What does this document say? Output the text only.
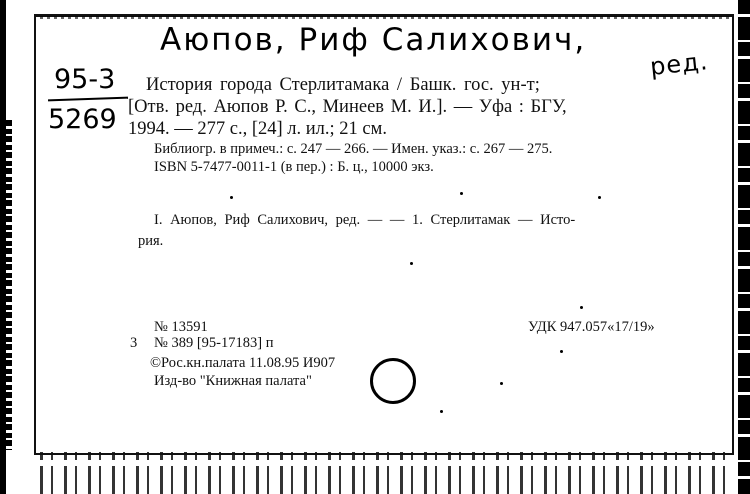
Аюпов, Риф Салихович,
ред.
95-3
5269
История города Стерлитамака / Башк. гос. ун-т;
[Отв. ред. Аюпов Р. С., Минеев М. И.]. — Уфа : БГУ,
1994. — 277 с., [24] л. ил.; 21 см.
Библиогр. в примеч.: с. 247 — 266. — Имен. указ.: с. 267 — 275.
ISBN 5-7477-0011-1 (в пер.) : Б. ц., 10000 экз.
I. Аюпов, Риф Салихович, ред. — — 1. Стерлитамак — Исто-
рия.
№ 13591	УДК 947.057«17/19»
3 № 389 [95-17183] п
©Рос.кн.палата 11.08.95 И907
Изд-во "Книжная палата"
